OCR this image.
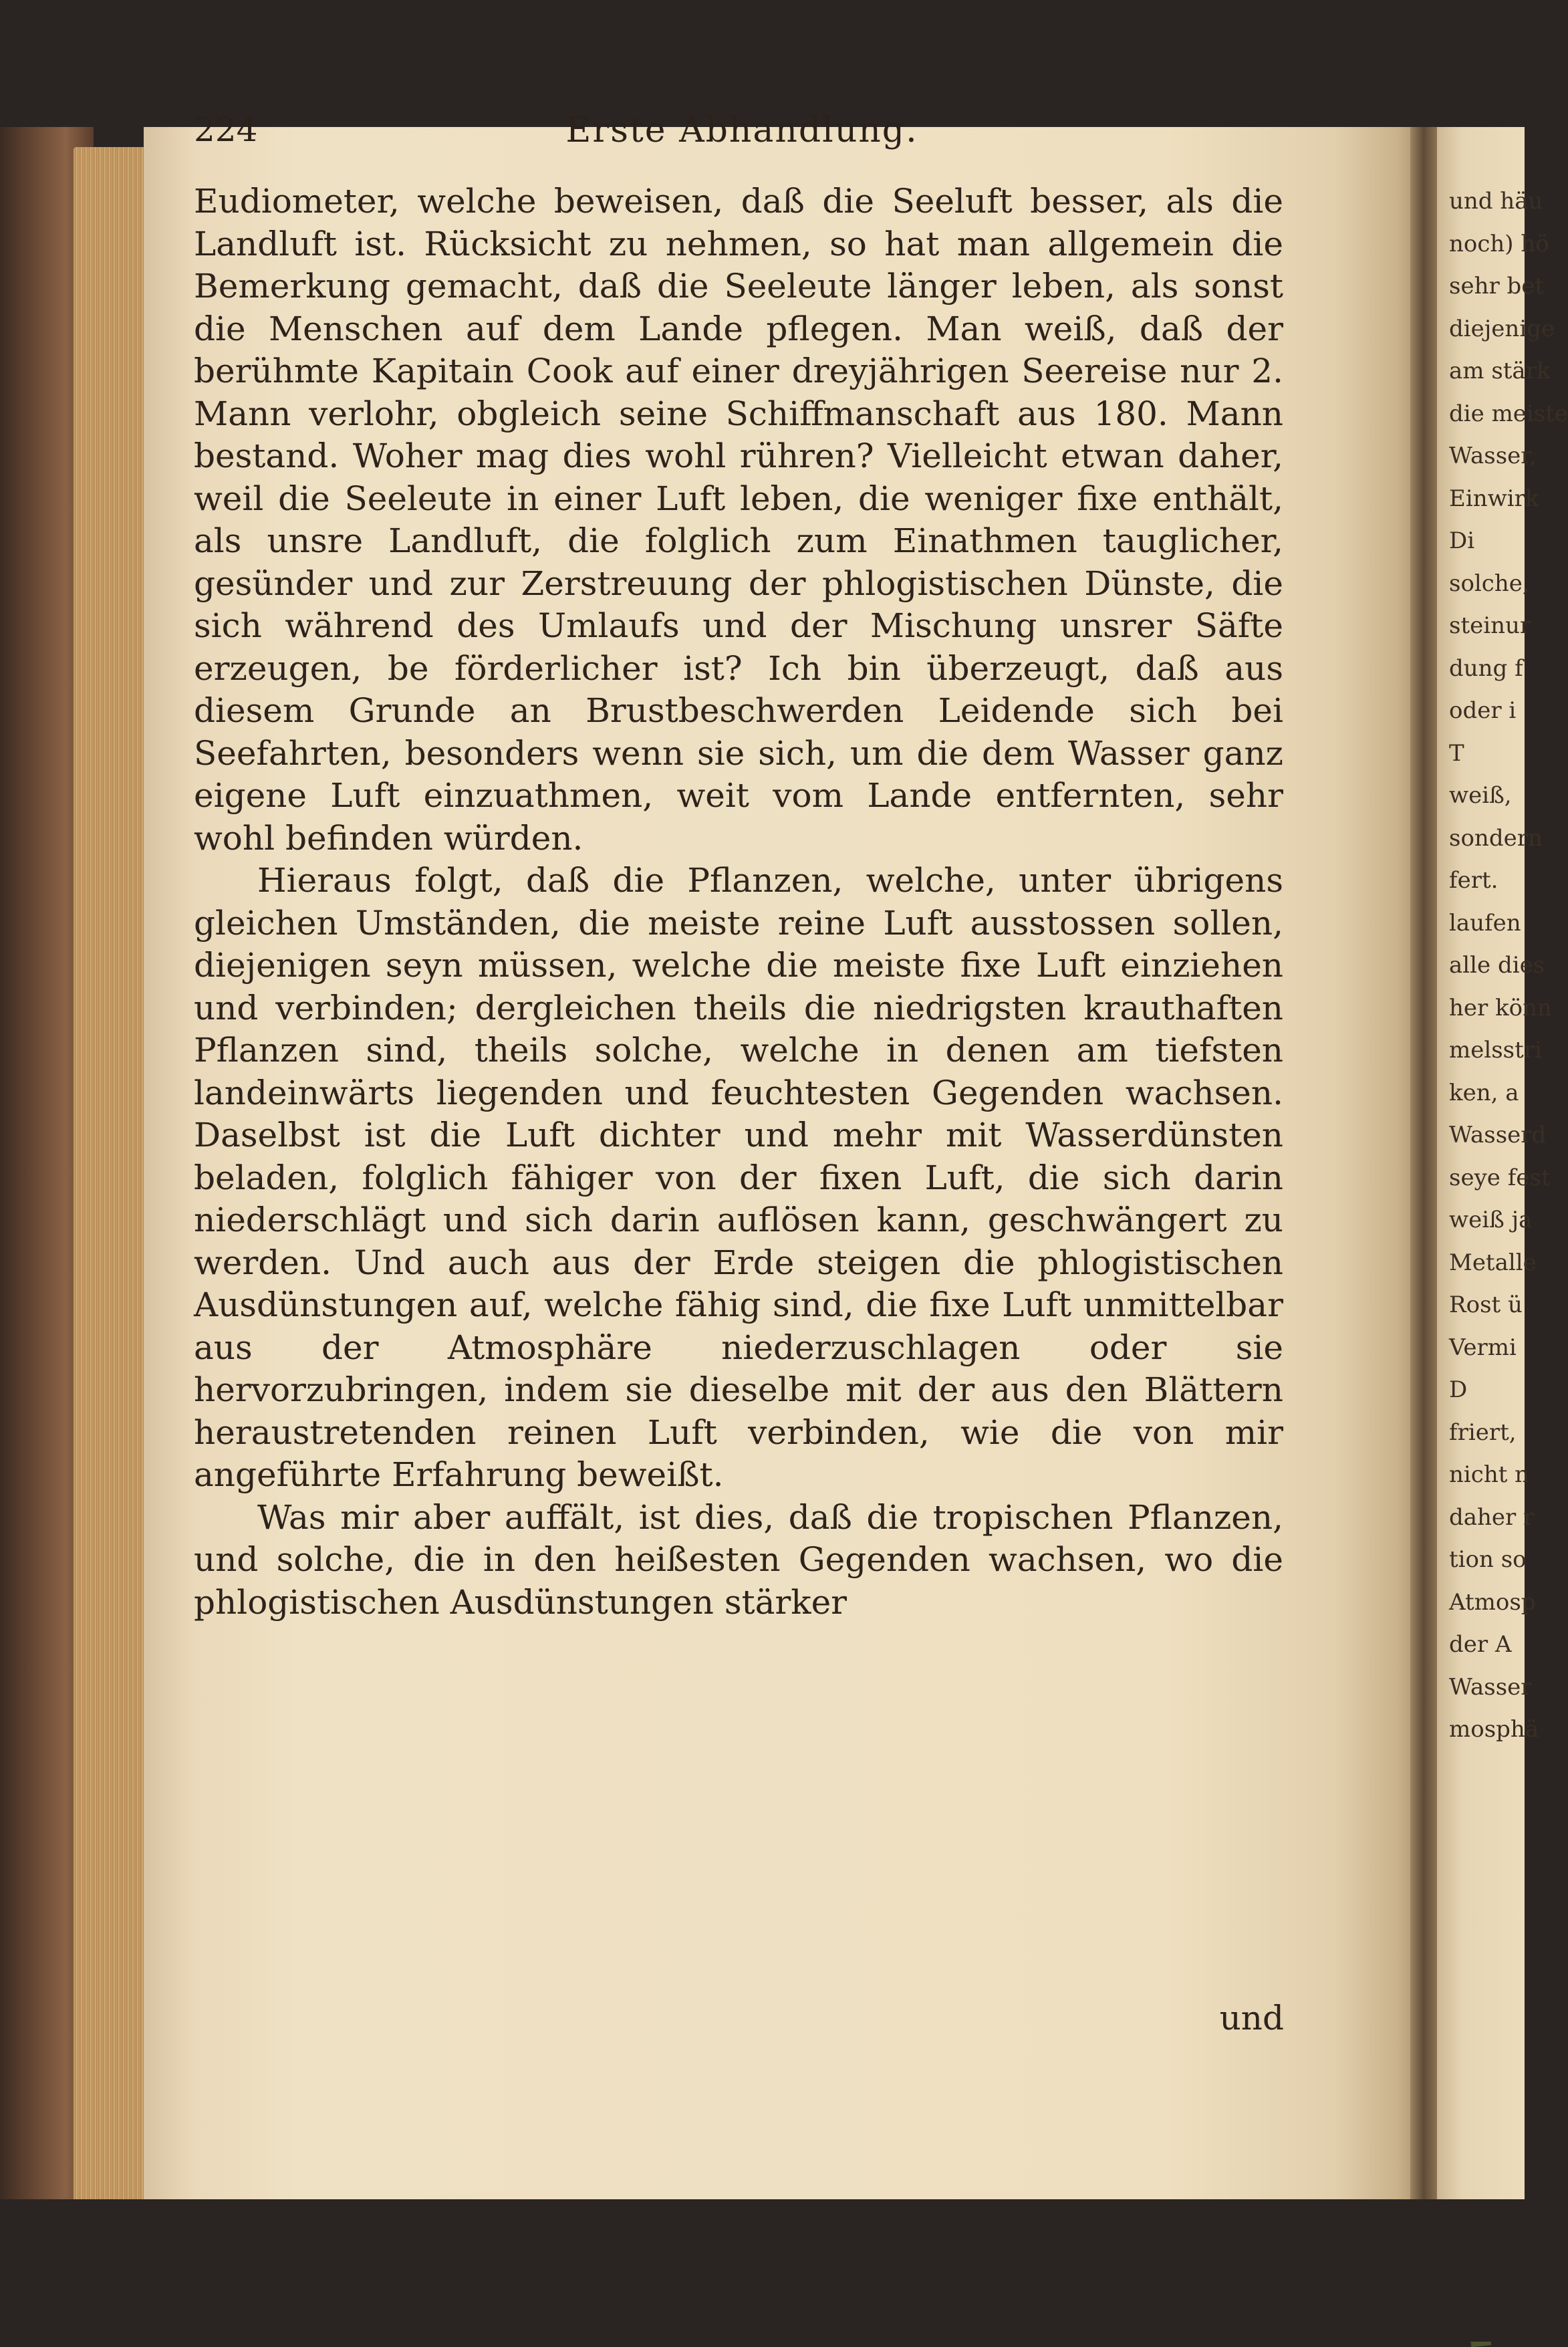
224	Erste Abhandlung.

Eudiometer, welche beweisen, daß die Seeluft besser, als die Landluft ist. Rücksicht zu nehmen, so hat man allgemein die Bemerkung gemacht, daß die Seeleute länger leben, als sonst die Menschen auf dem Lande pflegen. Man weiß, daß der berühmte Kapitain Cook auf einer dreyjährigen Seereise nur 2. Mann verlohr, obgleich seine Schiffmanschaft aus 180. Mann bestand. Woher mag dies wohl rühren? Vielleicht etwan daher, weil die Seeleute in einer Luft leben, die weniger fixe enthält, als unsre Landluft, die folglich zum Einathmen tauglicher, gesünder und zur Zerstreuung der phlogistischen Dünste, die sich während des Umlaufs und der Mischung unsrer Säfte erzeugen, be förderlicher ist? Ich bin überzeugt, daß aus diesem Grunde an Brustbeschwerden Leidende sich bei Seefahrten, besonders wenn sie sich, um die dem Wasser ganz eigene Luft einzuathmen, weit vom Lande entfernten, sehr wohl befinden würden.

Hieraus folgt, daß die Pflanzen, welche, unter übrigens gleichen Umständen, die meiste reine Luft ausstossen sollen, diejenigen seyn müssen, welche die meiste fixe Luft einziehen und verbinden; dergleichen theils die niedrigsten krauthaften Pflanzen sind, theils solche, welche in denen am tiefsten landeinwärts liegenden und feuchtesten Gegenden wachsen. Daselbst ist die Luft dichter und mehr mit Wasserdünsten beladen, folglich fähiger von der fixen Luft, die sich darin niederschlägt und sich darin auflösen kann, geschwängert zu werden. Und auch aus der Erde steigen die phlogistischen Ausdünstungen auf, welche fähig sind, die fixe Luft unmittelbar aus der Atmosphäre niederzuschlagen oder sie hervorzubringen, indem sie dieselbe mit der aus den Blättern heraustretenden reinen Luft verbinden, wie die von mir angeführte Erfahrung beweißt.

Was mir aber auffält, ist dies, daß die tropischen Pflanzen, und solche, die in den heißesten Gegenden wachsen, wo die phlogistischen Ausdünstungen stärker

und
und häu
noch) hö
sehr bet
diejenige
am stärk
die meiste
Wasser,
Einwirk
Di
solche,
steinur
dung f
oder i
T
weiß,
sondern
fert.
laufen
alle dies
her könn
melsstri
ken, a
Wasserd
seye fest
weiß ja
Metalle
Rost ü
Vermi
D
friert,
nicht n
daher r
tion so
Atmosp
der A
Wasser
mosphä
